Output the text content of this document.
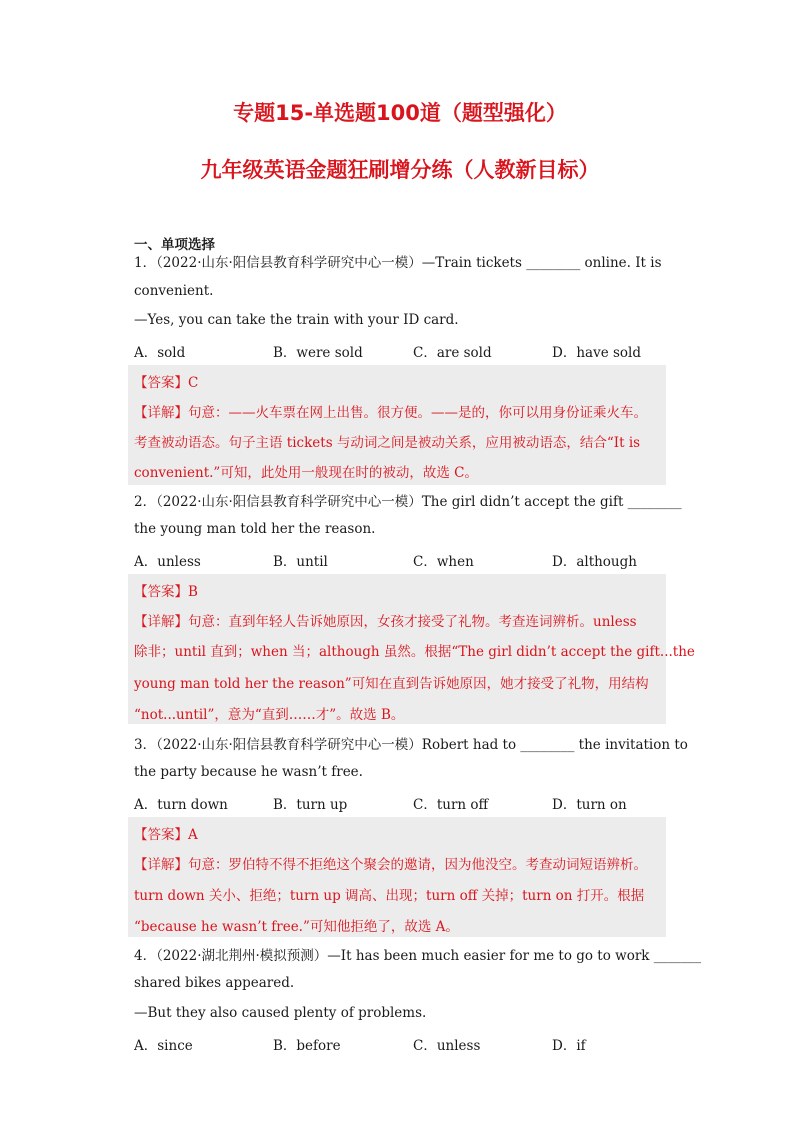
专题15-单选题100道（题型强化）
九年级英语金题狂刷增分练（人教新目标）
一、单项选择
1．（2022·山东·阳信县教育科学研究中心一模）—Train tickets ________ online. It is
convenient.
—Yes, you can take the train with your ID card.
A．sold	B．were sold	C．are sold	D．have sold
【答案】C
【详解】句意：——火车票在网上出售。很方便。——是的，你可以用身份证乘火车。
考查被动语态。句子主语 tickets 与动词之间是被动关系，应用被动语态，结合“It is
convenient.”可知，此处用一般现在时的被动，故选 C。
2．（2022·山东·阳信县教育科学研究中心一模）The girl didn’t accept the gift ________
the young man told her the reason.
A．unless	B．until	C．when	D．although
【答案】B
【详解】句意：直到年轻人告诉她原因，女孩才接受了礼物。考查连词辨析。unless
除非；until 直到；when 当；although 虽然。根据“The girl didn’t accept the gift...the
young man told her the reason”可知在直到告诉她原因，她才接受了礼物，用结构
“not...until”，意为“直到……才”。故选 B。
3．（2022·山东·阳信县教育科学研究中心一模）Robert had to ________ the invitation to
the party because he wasn’t free.
A．turn down	B．turn up	C．turn off	D．turn on
【答案】A
【详解】句意：罗伯特不得不拒绝这个聚会的邀请，因为他没空。考查动词短语辨析。
turn down 关小、拒绝；turn up 调高、出现；turn off 关掉；turn on 打开。根据
“because he wasn’t free.”可知他拒绝了，故选 A。
4．（2022·湖北荆州·模拟预测）—It has been much easier for me to go to work _______
shared bikes appeared.
—But they also caused plenty of problems.
A．since	B．before	C．unless	D．if
